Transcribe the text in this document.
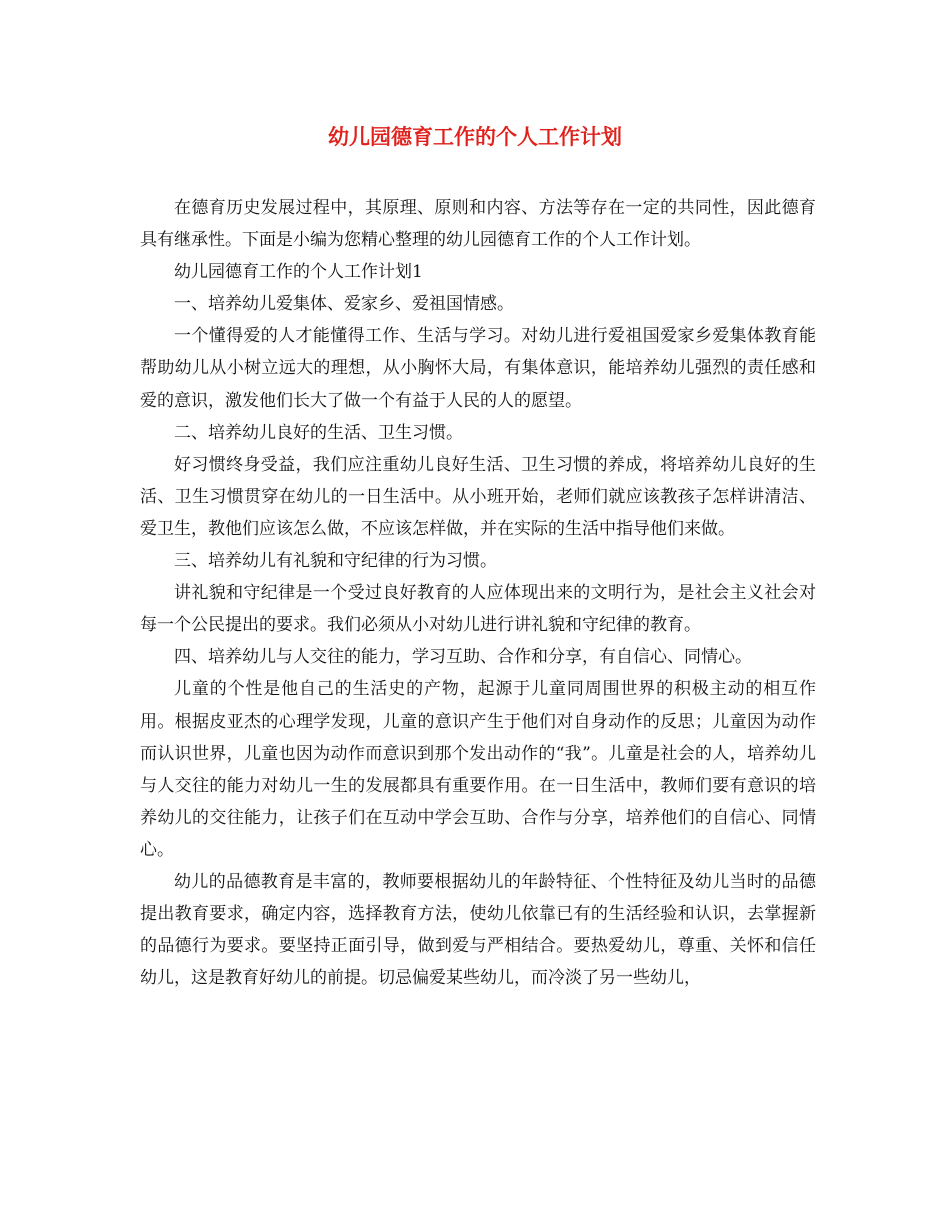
幼儿园德育工作的个人工作计划

在德育历史发展过程中，其原理、原则和内容、方法等存在一定的共同性，因此德育具有继承性。下面是小编为您精心整理的幼儿园德育工作的个人工作计划。

幼儿园德育工作的个人工作计划1

一、培养幼儿爱集体、爱家乡、爱祖国情感。

一个懂得爱的人才能懂得工作、生活与学习。对幼儿进行爱祖国爱家乡爱集体教育能帮助幼儿从小树立远大的理想，从小胸怀大局，有集体意识，能培养幼儿强烈的责任感和爱的意识，激发他们长大了做一个有益于人民的人的愿望。

二、培养幼儿良好的生活、卫生习惯。

好习惯终身受益，我们应注重幼儿良好生活、卫生习惯的养成，将培养幼儿良好的生活、卫生习惯贯穿在幼儿的一日生活中。从小班开始，老师们就应该教孩子怎样讲清洁、爱卫生，教他们应该怎么做，不应该怎样做，并在实际的生活中指导他们来做。

三、培养幼儿有礼貌和守纪律的行为习惯。

讲礼貌和守纪律是一个受过良好教育的人应体现出来的文明行为，是社会主义社会对每一个公民提出的要求。我们必须从小对幼儿进行讲礼貌和守纪律的教育。

四、培养幼儿与人交往的能力，学习互助、合作和分享，有自信心、同情心。

儿童的个性是他自己的生活史的产物，起源于儿童同周围世界的积极主动的相互作用。根据皮亚杰的心理学发现，儿童的意识产生于他们对自身动作的反思；儿童因为动作而认识世界，儿童也因为动作而意识到那个发出动作的“我”。儿童是社会的人，培养幼儿与人交往的能力对幼儿一生的发展都具有重要作用。在一日生活中，教师们要有意识的培养幼儿的交往能力，让孩子们在互动中学会互助、合作与分享，培养他们的自信心、同情心。

幼儿的品德教育是丰富的，教师要根据幼儿的年龄特征、个性特征及幼儿当时的品德提出教育要求，确定内容，选择教育方法，使幼儿依靠已有的生活经验和认识，去掌握新的品德行为要求。要坚持正面引导，做到爱与严相结合。要热爱幼儿，尊重、关怀和信任幼儿，这是教育好幼儿的前提。切忌偏爱某些幼儿，而冷淡了另一些幼儿，
